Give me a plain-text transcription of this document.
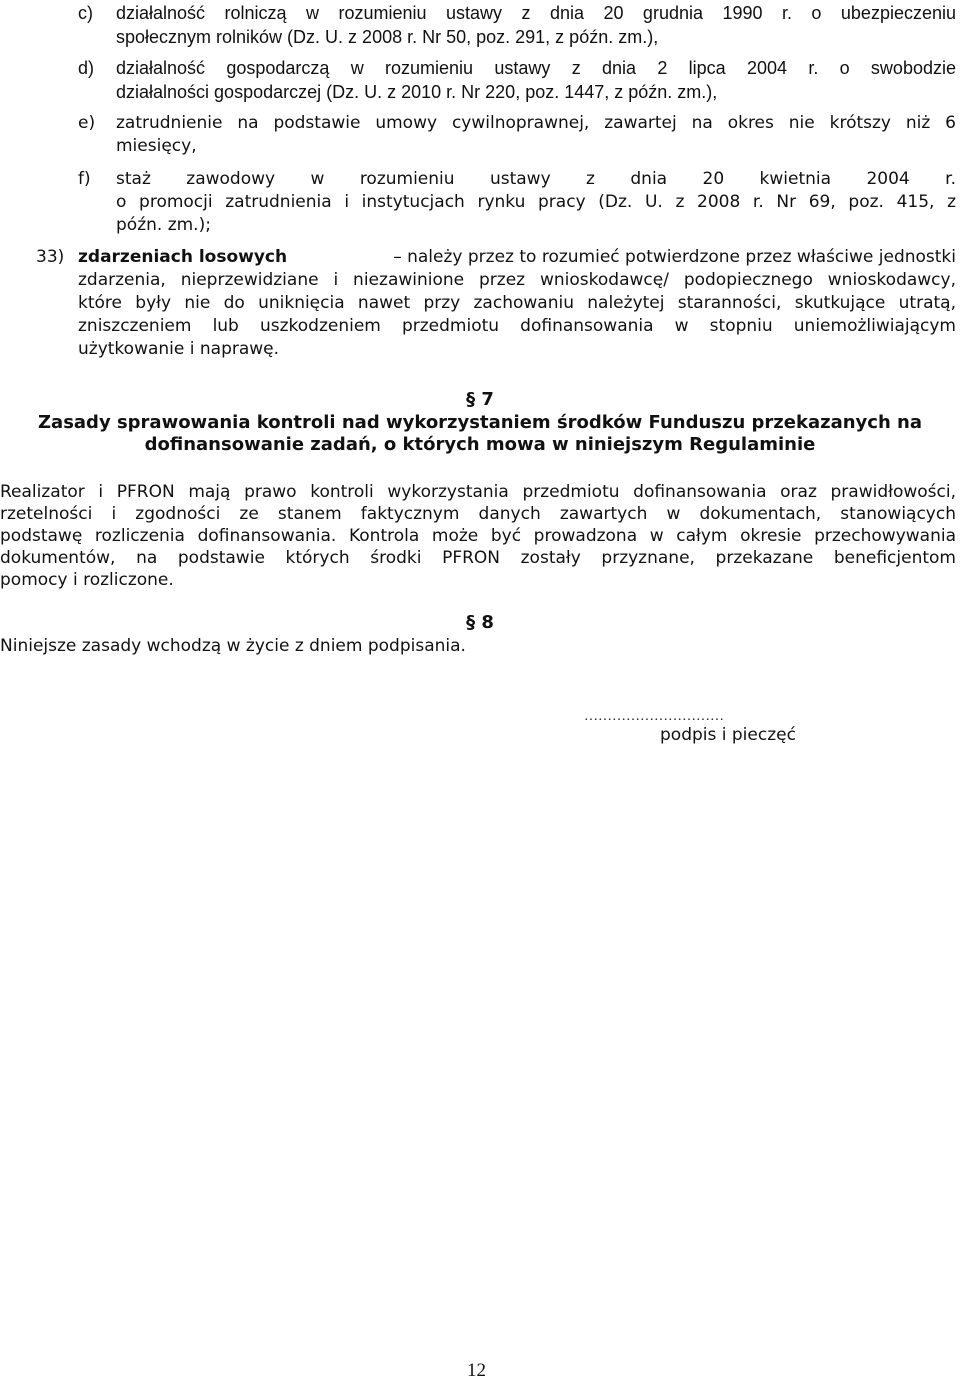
c) działalność rolniczą w rozumieniu ustawy z dnia 20 grudnia 1990 r. o ubezpieczeniu
społecznym rolników (Dz. U. z 2008 r. Nr 50, poz. 291, z późn. zm.),
d) działalność gospodarczą w rozumieniu ustawy z dnia 2 lipca 2004 r. o swobodzie
działalności gospodarczej (Dz. U. z 2010 r. Nr 220, poz. 1447, z późn. zm.),
e) zatrudnienie na podstawie umowy cywilnoprawnej, zawartej na okres nie krótszy niż 6
miesięcy,
f) staż zawodowy w rozumieniu ustawy z dnia 20 kwietnia 2004 r.
o promocji zatrudnienia i instytucjach rynku pracy (Dz. U. z 2008 r. Nr 69, poz. 415, z
późn. zm.);
33) zdarzeniach losowych	– należy przez to rozumieć potwierdzone przez właściwe jednostki
zdarzenia, nieprzewidziane i niezawinione przez wnioskodawcę/ podopiecznego wnioskodawcy,
które były nie do uniknięcia nawet przy zachowaniu należytej staranności, skutkujące utratą,
zniszczeniem lub uszkodzeniem przedmiotu dofinansowania w stopniu uniemożliwiającym
użytkowanie i naprawę.
§ 7
Zasady sprawowania kontroli nad wykorzystaniem środków Funduszu przekazanych na
dofinansowanie zadań, o których mowa w niniejszym Regulaminie
Realizator i PFRON mają prawo kontroli wykorzystania przedmiotu dofinansowania oraz prawidłowości,
rzetelności i zgodności ze stanem faktycznym danych zawartych w dokumentach, stanowiących
podstawę rozliczenia dofinansowania. Kontrola może być prowadzona w całym okresie przechowywania
dokumentów, na podstawie których środki PFRON zostały przyznane, przekazane beneficjentom
pomocy i rozliczone.
§ 8
Niniejsze zasady wchodzą w życie z dniem podpisania.
…………………………
podpis i pieczęć
12
